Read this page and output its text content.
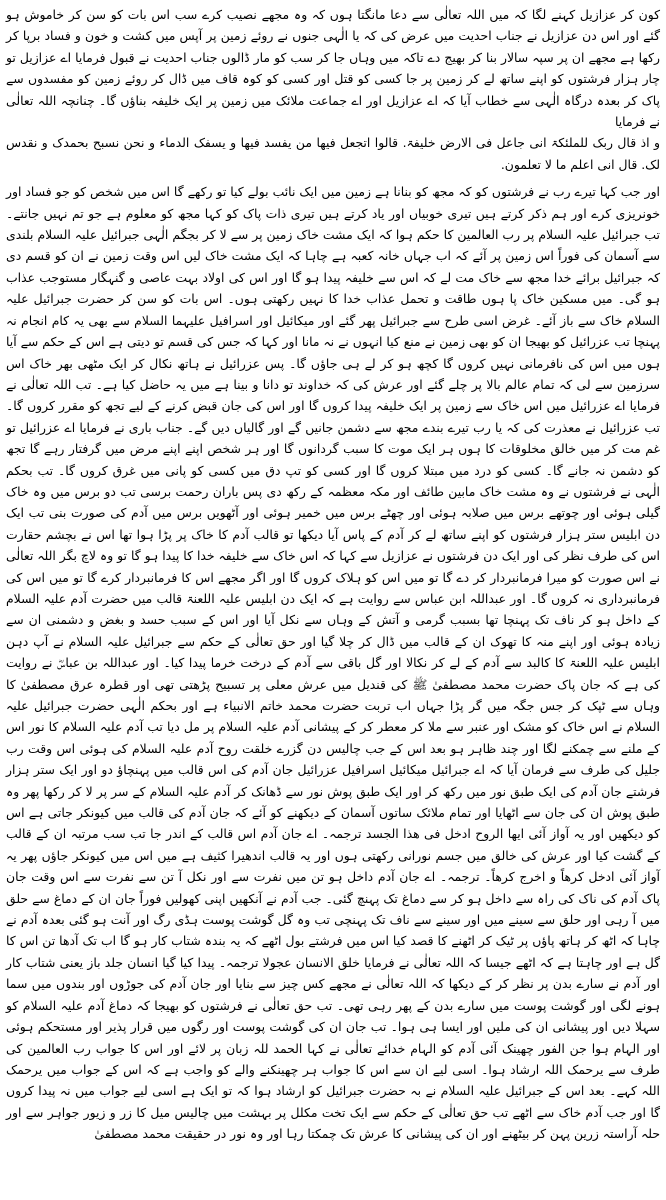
کون کر عزازیل کہنے لگا کہ میں اللہ تعالٰی سے دعا مانگتا ہوں کہ وہ مجھے نصیب کرے سب اس بات کو سن کر خاموش ہو گئے اور اس دن عزازیل نے جناب احدیت میں عرض کی کہ یا الٰہی جنوں نے روئے زمین پر آپس میں کشت و خون و فساد برپا کر رکھا ہے مجھے ان پر سپہ سالار بنا کر بھیج دے تاکہ میں وہاں جا کر سب کو مار ڈالوں جناب احدیت نے قبول فرمایا اے عزازیل تو چار ہزار فرشتوں کو اپنے ساتھ لے کر زمین پر جا کسی کو قتل اور کسی کو کوہ قاف میں ڈال کر روئے زمین کو مفسدوں سے پاک کر بعدہ درگاہ الٰہی سے خطاب آیا کہ اے عزازیل اور اے جماعت ملائک میں زمین پر ایک خلیفہ بناؤں گا۔ چنانچہ اللہ تعالٰی نے فرمایا

و اذ قال ربک للملئکۃ انی جاعل فی الارض خلیفۃ. قالوا اتجعل فیھا من یفسد فیھا و یسفک الدماء و نحن نسبح بحمدک و نقدس لک. قال انی اعلم ما لا تعلمون.

اور جب کہا تیرے رب نے فرشتوں کو کہ مجھ کو بنانا ہے زمین میں ایک نائب بولے کیا تو رکھے گا اس میں شخص کو جو فساد اور خونریزی کرے اور ہم ذکر کرتے ہیں تیری خوبیاں اور یاد کرتے ہیں تیری ذات پاک کو کہا مجھ کو معلوم ہے جو تم نہیں جانتے۔ تب جبرائیل علیہ السلام پر رب العالمین کا حکم ہوا کہ ایک مشت خاک زمین پر سے لا کر بجگم الٰہی جبرائیل علیہ السلام بلندی سے آسمان کی فوراً اس زمین پر آئے کہ اب جہاں خانہ کعبہ ہے چاہا کہ ایک مشت خاک لیں اس وقت زمین نے ان کو قسم دی کہ جبرائیل برائے خدا مجھ سے خاک مت لے کہ اس سے خلیفہ پیدا ہو گا اور اس کی اولاد بہت عاصی و گنہگار مستوجب عذاب ہو گی۔ میں مسکین خاک پا ہوں طاقت و تحمل عذاب خدا کا نہیں رکھتی ہوں۔ اس بات کو سن کر حضرت جبرائیل علیہ السلام خاک سے باز آئے۔ غرض اسی طرح سے جبرائیل پھر گئے اور میکائیل اور اسرافیل علیہما السلام سے بھی یہ کام انجام نہ پہنچا تب عزرائیل کو بھیجا ان کو بھی زمین نے منع کیا انہوں نے نہ مانا اور کہا کہ جس کی قسم تو دیتی ہے اس کے حکم سے آیا ہوں میں اس کی نافرمانی نہیں کروں گا کچھ ہو کر لے ہی جاؤں گا۔ پس عزرائیل نے ہاتھ نکال کر ایک مٹھی بھر خاک اس سرزمین سے لی کہ تمام عالم بالا پر چلے گئے اور عرش کی کہ خداوند تو دانا و بینا ہے میں یہ حاضل کیا ہے۔ تب اللہ تعالٰی نے فرمایا اے عزرائیل میں اس خاک سے زمین پر ایک خلیفہ پیدا کروں گا اور اس کی جان قبض کرنے کے لیے تجھ کو مقرر کروں گا۔ تب عزرائیل نے معذرت کی کہ یا رب تیرے بندے مجھ سے دشمن جانیں گے اور گالیاں دیں گے۔ جناب باری نے فرمایا اے عزرائیل تو غم مت کر میں خالق مخلوقات کا ہوں ہر ایک موت کا سبب گردانوں گا اور ہر شخص اپنے اپنے مرض میں گرفتار رہے گا تجھ کو دشمن نہ جانے گا۔ کسی کو درد میں مبتلا کروں گا اور کسی کو تپ دق میں کسی کو پانی میں غرق کروں گا۔ تب بحکم الٰہی نے فرشتوں نے وہ مشت خاک مابین طائف اور مکہ معظمہ کے رکھ دی پس باران رحمت برسی تب دو برس میں وہ خاک گیلی ہوئی اور چوتھے برس میں صلابہ ہوئی اور چھٹے برس میں خمیر ہوئی اور آٹھویں برس میں آدم کی صورت بنی تب ایک دن ابلیس ستر ہزار فرشتوں کو اپنے ساتھ لے کر آدم کے پاس آیا دیکھا تو قالب آدم کا خاک پر پڑا ہوا تھا اس نے بچشم حقارت اس کی طرف نظر کی اور ایک دن فرشتوں نے عزازیل سے کہا کہ اس خاک سے خلیفہ خدا کا پیدا ہو گا تو وہ لاچ بگر اللہ تعالٰی نے اس صورت کو میرا فرمانبردار کر دے گا تو میں اس کو ہلاک کروں گا اور اگر مجھے اس کا فرمانبردار کرے گا تو میں اس کی فرمانبرداری نہ کروں گا۔ اور عبداللہ ابن عباس سے روایت ہے کہ ایک دن ابلیس علیہ اللعنۃ قالب میں حضرت آدم علیہ السلام کے داخل ہو کر ناف تک پہنچا تھا بسبب گرمی و آتش کے وہاں سے نکل آیا اور اس کے سبب حسد و بغض و دشمنی ان سے زیادہ ہوئی اور اپنے منہ کا تھوک ان کے قالب میں ڈال کر چلا گیا اور حق تعالٰی کے حکم سے جبرائیل علیہ السلام نے آپ دہن ابلیس علیہ اللعنۃ کا کالبد سے آدم کے لے کر نکالا اور گل باقی سے آدم کے درخت خرما پیدا کیا۔ اور عبداللہ بن عباسؓ نے روایت کی ہے کہ جان پاک حضرت محمد مصطفیٰ ﷺ کی قندیل میں عرش معلی پر تسبیح پڑھتی تھی اور قطرہ عرق مصطفیٰ کا وہاں سے ٹپک کر جس جگہ میں گر پڑا جہاں اب تربت حضرت محمد خاتم الانبیاء ہے اور بحکم الٰہی حضرت جبرائیل علیہ السلام نے اس خاک کو مشک اور عنبر سے ملا کر معطر کر کے پیشانی آدم علیہ السلام پر مل دیا تب آدم علیہ السلام کا نور اس کے ملنے سے چمکنے لگا اور چند ظاہر ہو بعد اس کے جب چالیس دن گزرے خلقت روح آدم علیہ السلام کی ہوئی اس وقت رب جلیل کی طرف سے فرمان آیا کہ اے جبرائیل میکائیل اسرافیل عزرائیل جان آدم کی اس قالب میں پہنچاؤ دو اور ایک ستر ہزار فرشتے جان آدم کی ایک طبق نور میں رکھ کر اور ایک طبق پوش نور سے ڈھانک کر آدم علیہ السلام کے سر پر لا کر رکھا پھر وہ طبق پوش ان کی جان سے اٹھایا اور تمام ملائک ساتوں آسمان کے دیکھنے کو آئے کہ جان آدم کی قالب میں کیونکر جاتی ہے اس کو دیکھیں اور یہ آواز آئی ایھا الروح ادخل فی ھذا الجسد ترجمہ۔ اے جان آدم اس قالب کے اندر جا تب سب مرتبہ ان کے قالب کے گشت کیا اور عرش کی خالق میں جسم نورانی رکھتی ہوں اور یہ قالب اندھیرا کثیف ہے میں اس میں کیونکر جاؤں پھر یہ آواز آئی ادخل کرھاً و اخرج کرھاً۔ ترجمہ۔ اے جان آدم داخل ہو تن میں نفرت سے اور نکل آ تن سے نفرت سے اس وقت جان پاک آدم کی ناک کی راہ سے داخل ہو کر سے دماغ تک پہنچ گئی۔ جب آدم نے آنکھیں اپنی کھولیں فوراً جان ان کے دماغ سے حلق میں آ رہی اور حلق سے سینے میں اور سینے سے ناف تک پہنچی تب وہ گل گوشت پوست ہڈی رگ اور آنت ہو گئی بعدہ آدم نے چاہا کہ اٹھ کر ہاتھ پاؤں پر ٹیک کر اٹھنے کا قصد کیا اس میں فرشتے بول اٹھے کہ یہ بندہ شتاب کار ہو گا اب تک آدھا تن اس کا گل ہے اور چاہتا ہے کہ اٹھے جیسا کہ اللہ تعالٰی نے فرمایا خلق الانسان عجولا ترجمہ۔ پیدا کیا گیا انسان جلد باز یعنی شتاب کار اور آدم نے سارے بدن پر نظر کر کے دیکھا کہ اللہ تعالٰی نے مجھے کس چیز سے بنایا اور جان آدم کی جوڑوں اور بندوں میں سما ہونے لگی اور گوشت پوست میں سارے بدن کے پھر رہی تھی۔ تب حق تعالٰی نے فرشتوں کو بھیجا کہ دماغ آدم علیہ السلام کو سہلا دیں اور پیشانی ان کی ملیں اور ایسا ہی ہوا۔ تب جان ان کی گوشت پوست اور رگوں میں قرار پذیر اور مستحکم ہوئی اور الہام ہوا جن الفور چھینک آئی آدم کو الہام خدائے تعالٰی نے کہا الحمد للہ زبان پر لائے اور اس کا جواب رب العالمین کی طرف سے یرحمک اللہ ارشاد ہوا۔ اسی لیے ان سے اس کا جواب ہر چھینکنے والے کو واجب ہے کہ اس کے جواب میں یرحمک اللہ کہے۔ بعد اس کے جبرائیل علیہ السلام نے بہ حضرت جبرائیل کو ارشاد ہوا کہ تو ایک ہے اسی لیے جواب میں نہ پیدا کروں گا اور جب آدم خاک سے اٹھے تب حق تعالٰی کے حکم سے ایک تخت مکلل پر بہشت میں چالیس میل کا زر و زیور جواہر سے اور حلہ آراستہ زرین پہن کر بیٹھنے اور ان کی پیشانی کا عرش تک چمکتا رہا اور وہ نور در حقیقت محمد مصطفیٰ
